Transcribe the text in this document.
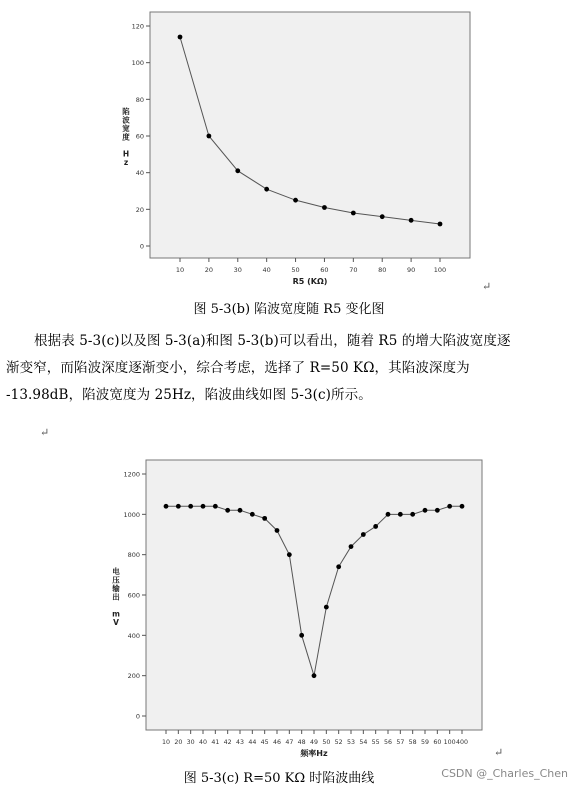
0
20
40
60
80
100
120
10	20	30	40	50	60	70	80	90	100
R5 (KΩ)
陷波宽度 H z
↵
图 5-3(b) 陷波宽度随 R5 变化图

根据表 5-3(c)以及图 5-3(a)和图 5-3(b)可以看出，随着 R5 的增大陷波宽度逐

渐变窄，而陷波深度逐渐变小，综合考虑，选择了 R=50 KΩ，其陷波深度为

-13.98dB，陷波宽度为 25Hz，陷波曲线如图 5-3(c)所示。

↵
0
200
400
600
800
1000
1200
10 20 30 40 41 42 43 44 45 46 47 48 49 50 52 53 54 55 56 57 58 59 60 100 400
频率Hz
电压输出 m V
↵
图 5-3(c) R=50 KΩ 时陷波曲线	CSDN @_Charles_Chen
